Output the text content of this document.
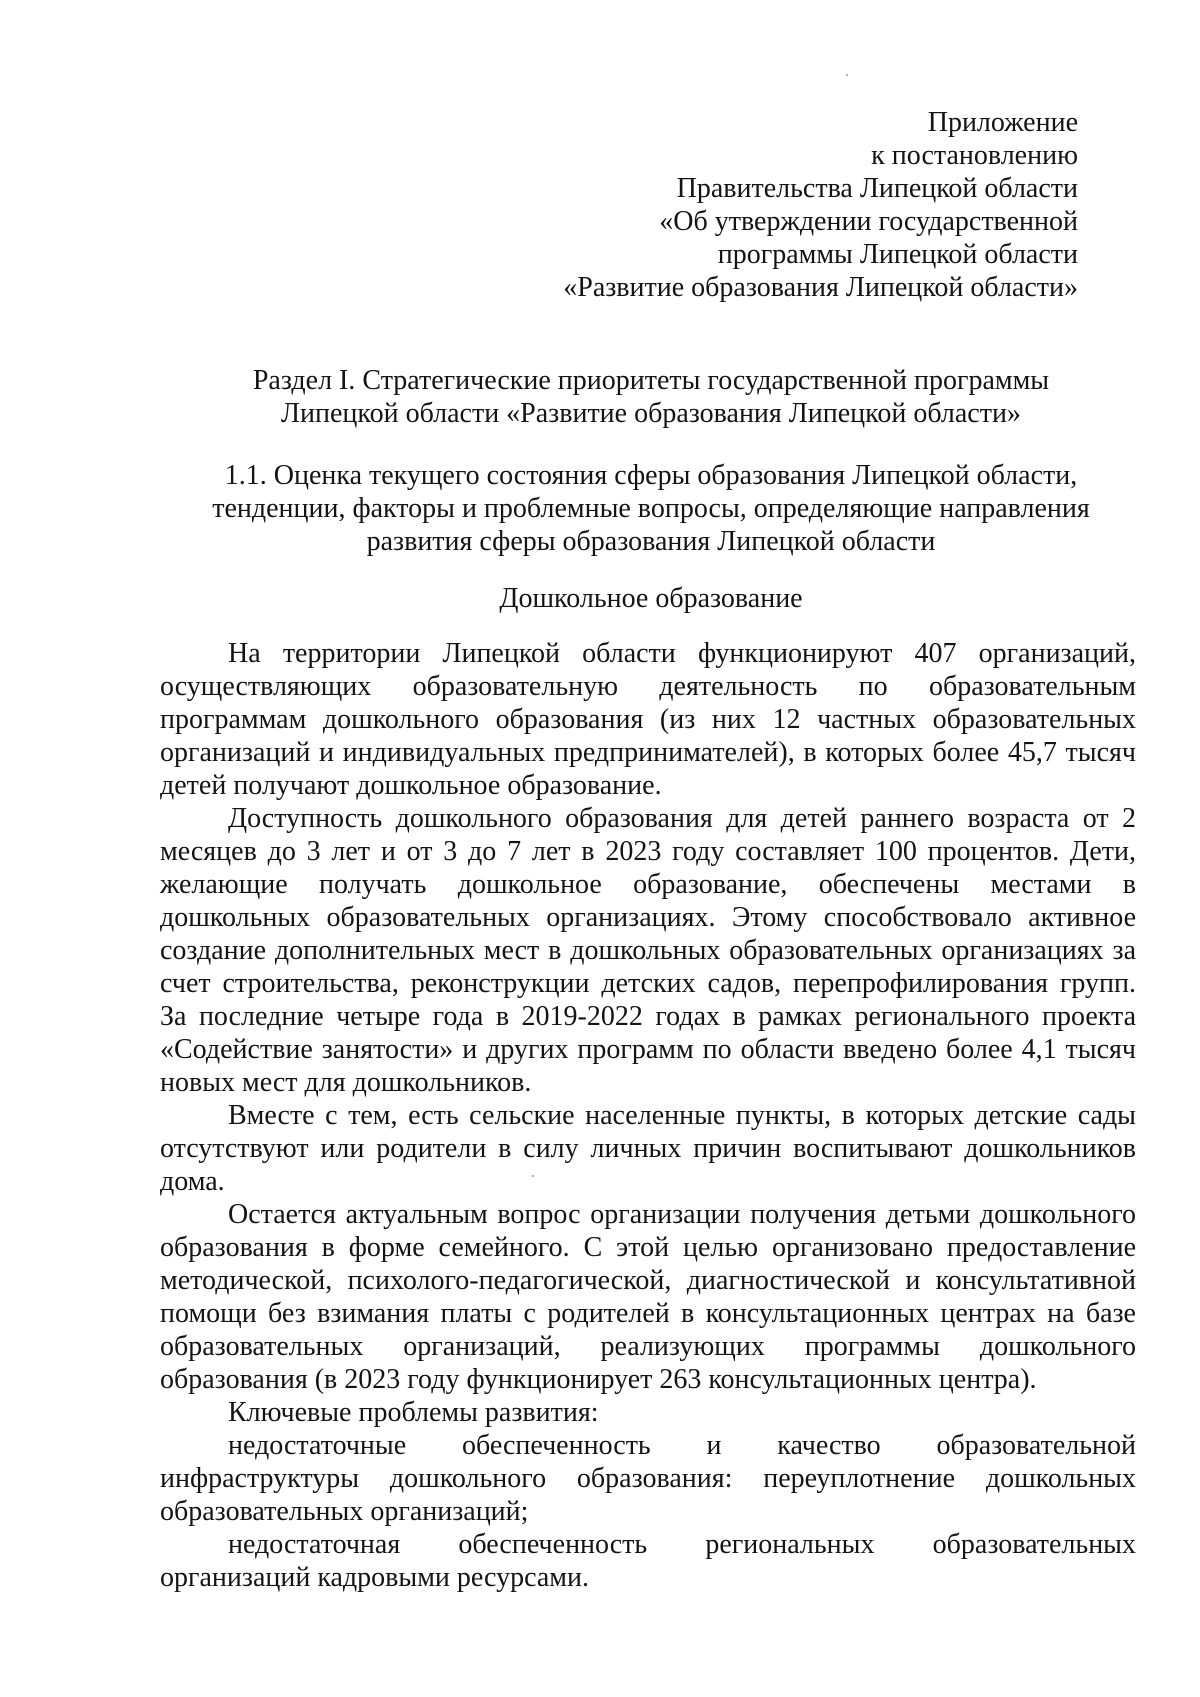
Приложение
к постановлению
Правительства Липецкой области
«Об утверждении государственной
программы Липецкой области
«Развитие образования Липецкой области»
Раздел I. Стратегические приоритеты государственной программы
Липецкой области «Развитие образования Липецкой области»
1.1. Оценка текущего состояния сферы образования Липецкой области,
тенденции, факторы и проблемные вопросы, определяющие направления
развития сферы образования Липецкой области
Дошкольное образование

На территории Липецкой области функционируют 407 организаций, осуществляющих образовательную деятельность по образовательным программам дошкольного образования (из них 12 частных образовательных организаций и индивидуальных предпринимателей), в которых более 45,7 тысяч детей получают дошкольное образование.

Доступность дошкольного образования для детей раннего возраста от 2 месяцев до 3 лет и от 3 до 7 лет в 2023 году составляет 100 процентов. Дети, желающие получать дошкольное образование, обеспечены местами в дошкольных образовательных организациях. Этому способствовало активное создание дополнительных мест в дошкольных образовательных организациях за счет строительства, реконструкции детских садов, перепрофилирования групп. За последние четыре года в 2019-2022 годах в рамках регионального проекта «Содействие занятости» и других программ по области введено более 4,1 тысяч новых мест для дошкольников.

Вместе с тем, есть сельские населенные пункты, в которых детские сады отсутствуют или родители в силу личных причин воспитывают дошкольников дома.

Остается актуальным вопрос организации получения детьми дошкольного образования в форме семейного. С этой целью организовано предоставление методической, психолого-педагогической, диагностической и консультативной помощи без взимания платы с родителей в консультационных центрах на базе образовательных организаций, реализующих программы дошкольного образования (в 2023 году функционирует 263 консультационных центра).

Ключевые проблемы развития:

недостаточные обеспеченность и качество образовательной инфраструктуры дошкольного образования: переуплотнение дошкольных образовательных организаций;

недостаточная обеспеченность региональных образовательных организаций кадровыми ресурсами.
